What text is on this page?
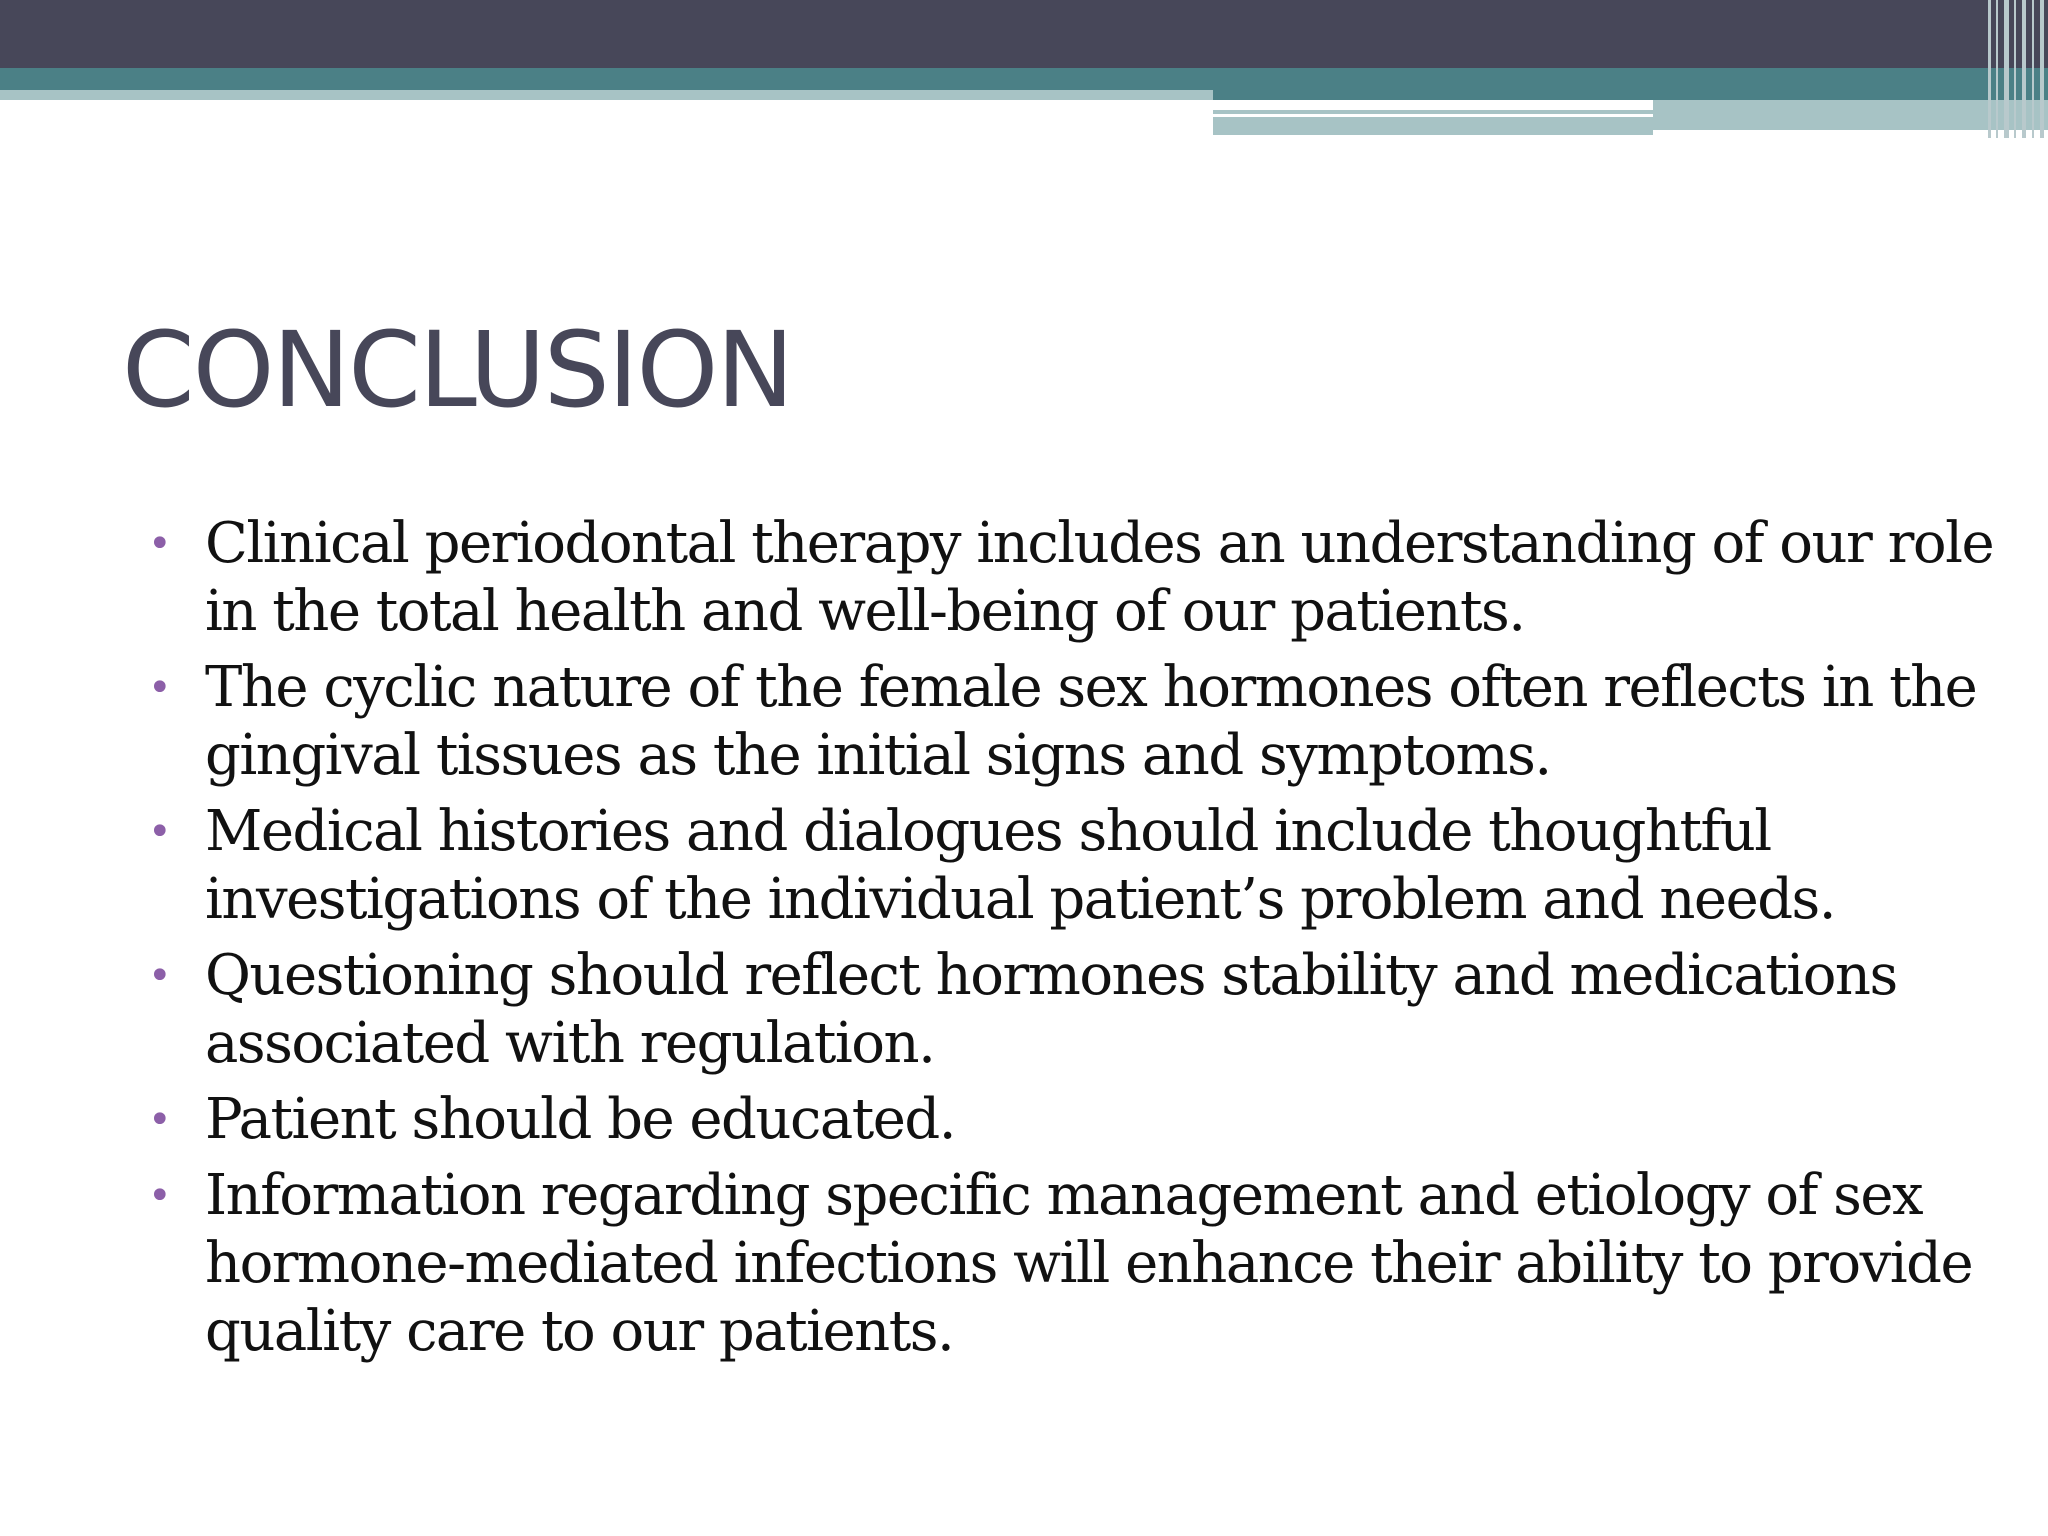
CONCLUSION
• Clinical periodontal therapy includes an understanding of our role in the total health and well-being of our patients.
• The cyclic nature of the female sex hormones often reflects in the gingival tissues as the initial signs and symptoms.
• Medical histories and dialogues should include thoughtful investigations of the individual patient’s problem and needs.
• Questioning should reflect hormones stability and medications associated with regulation.
• Patient should be educated.
• Information regarding specific management and etiology of sex hormone-mediated infections will enhance their ability to provide quality care to our patients.
